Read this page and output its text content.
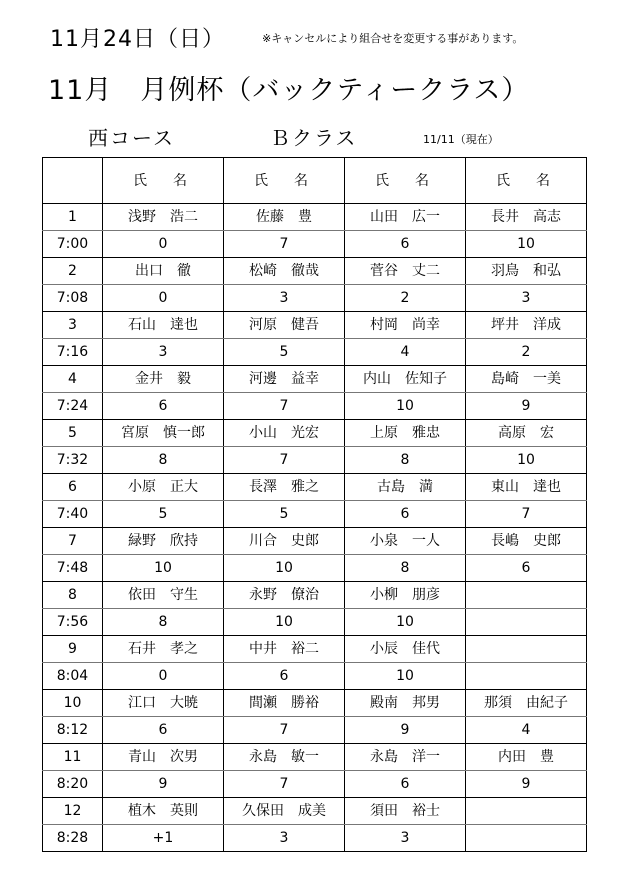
11月24日（日）	※キャンセルにより組合せを変更する事があります。
11月　月例杯（バックティークラス）
西コース	Ｂクラス	11/11（現在）
	氏　名	氏　名	氏　名	氏　名
1	浅野　浩二	佐藤　豊	山田　広一	長井　高志
7:00	0	7	6	10
2	出口　徹	松崎　徹哉	菅谷　丈二	羽鳥　和弘
7:08	0	3	2	3
3	石山　達也	河原　健吾	村岡　尚幸	坪井　洋成
7:16	3	5	4	2
4	金井　毅	河邊　益幸	内山　佐知子	島崎　一美
7:24	6	7	10	9
5	宮原　慎一郎	小山　光宏	上原　雅忠	高原　宏
7:32	8	7	8	10
6	小原　正大	長澤　雅之	古島　満	東山　達也
7:40	5	5	6	7
7	緑野　欣持	川合　史郎	小泉　一人	長嶋　史郎
7:48	10	10	8	6
8	依田　守生	永野　僚治	小柳　朋彦	
7:56	8	10	10	
9	石井　孝之	中井　裕二	小辰　佳代	
8:04	0	6	10	
10	江口　大暁	間瀬　勝裕	殿南　邦男	那須　由紀子
8:12	6	7	9	4
11	青山　次男	永島　敏一	永島　洋一	内田　豊
8:20	9	7	6	9
12	植木　英則	久保田　成美	須田　裕士	
8:28	+1	3	3	
